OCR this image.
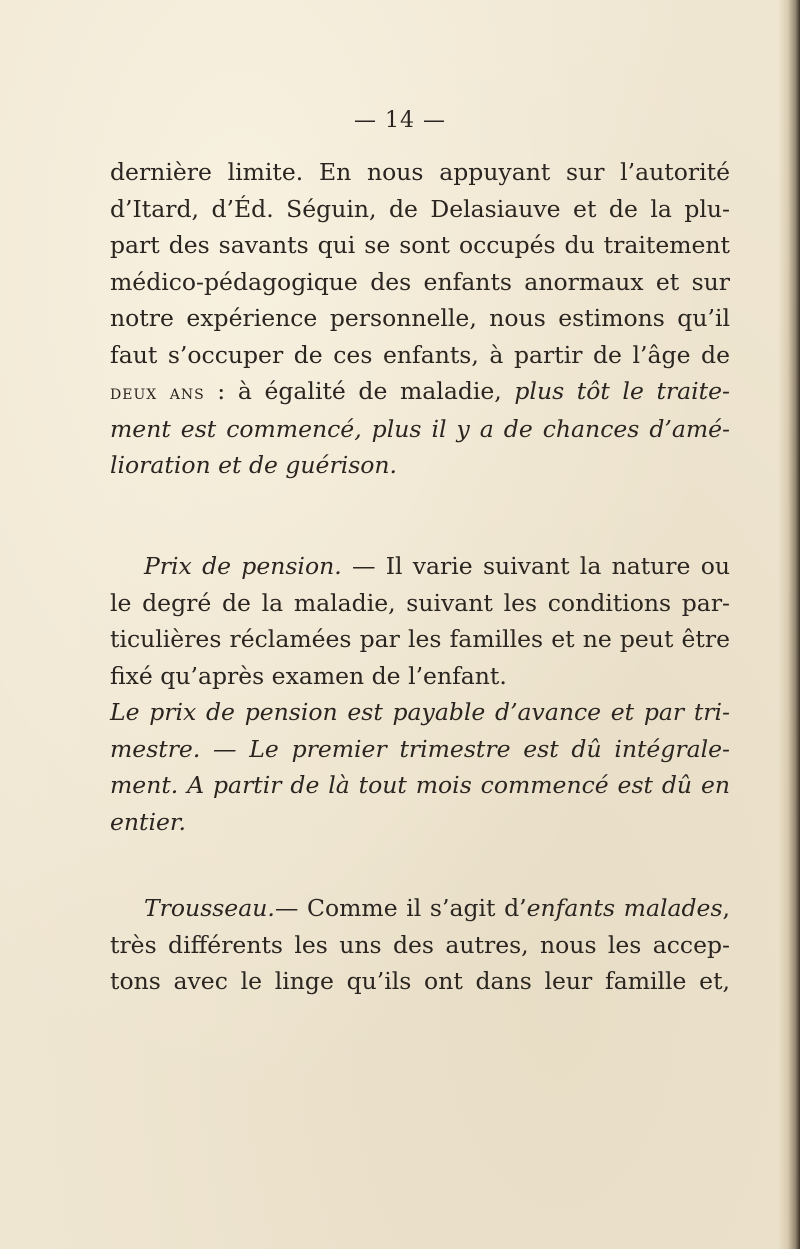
— 14 —
dernière limite. En nous appuyant sur l’autorité
d’Itard, d’Éd. Séguin, de Delasiauve et de la plu-
part des savants qui se sont occupés du traitement
médico-pédagogique des enfants anormaux et sur
notre expérience personnelle, nous estimons qu’il
faut s’occuper de ces enfants, à partir de l’âge de
deux ans : à égalité de maladie, plus tôt le traite-
ment est commencé, plus il y a de chances d’amé-
lioration et de guérison.
Prix de pension. — Il varie suivant la nature ou
le degré de la maladie, suivant les conditions par-
ticulières réclamées par les familles et ne peut être
fixé qu’après examen de l’enfant.
Le prix de pension est payable d’avance et par tri-
mestre. — Le premier trimestre est dû intégrale-
ment. A partir de là tout mois commencé est dû en
entier.
Trousseau.— Comme il s’agit d’enfants malades,
très différents les uns des autres, nous les accep-
tons avec le linge qu’ils ont dans leur famille et,
